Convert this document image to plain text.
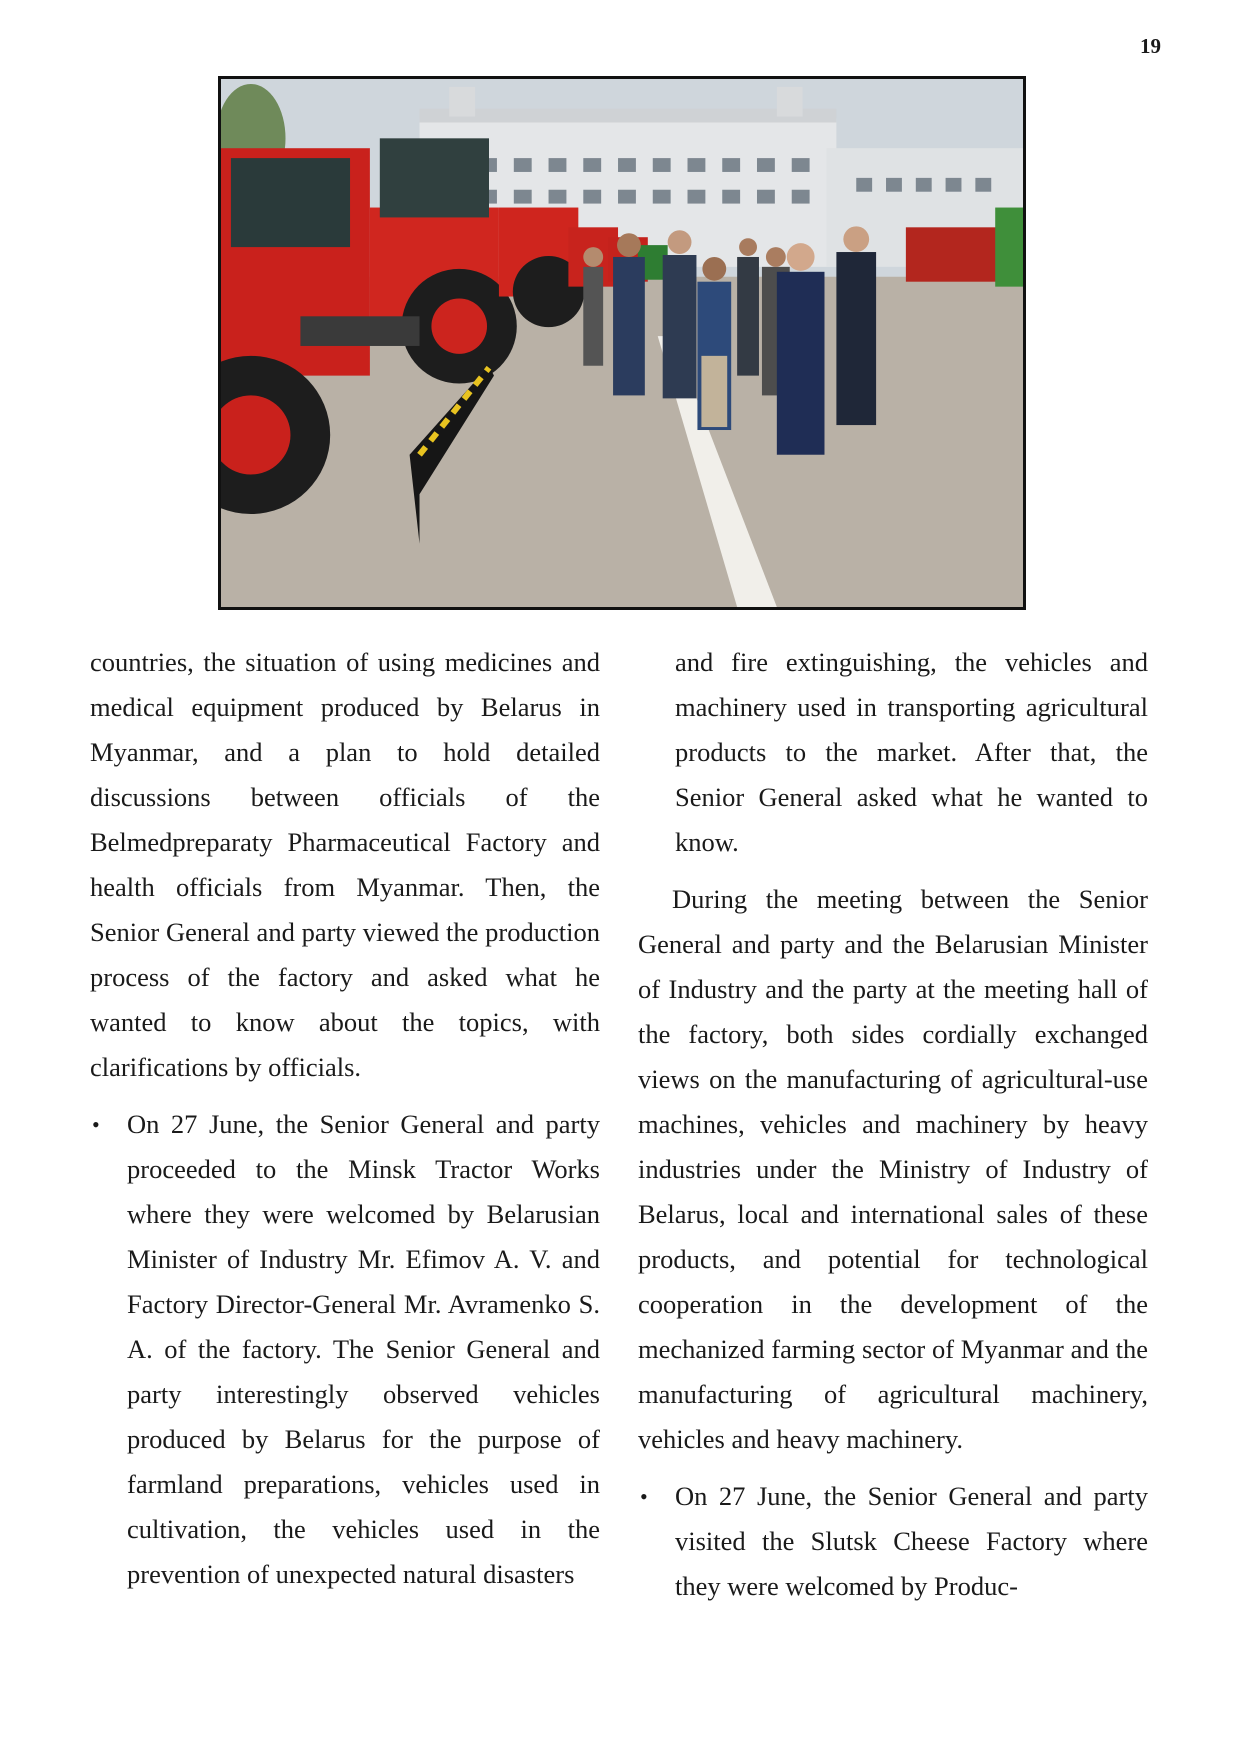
19

countries, the situation of using medicines and medical equipment produced by Belarus in Myanmar, and a plan to hold detailed discussions between officials of the Belmedpreparaty Pharmaceutical Factory and health officials from Myanmar. Then, the Senior General and party viewed the production process of the factory and asked what he wanted to know about the topics, with clarifications by officials.

• On 27 June, the Senior General and party proceeded to the Minsk Tractor Works where they were welcomed by Belarusian Minister of Industry Mr. Efimov A. V. and Factory Director-General Mr. Avramenko S. A. of the factory. The Senior General and party interestingly observed vehicles produced by Belarus for the purpose of farmland preparations, vehicles used in cultivation, the vehicles used in the prevention of unexpected natural disasters

and fire extinguishing, the vehicles and machinery used in transporting agricultural products to the market. After that, the Senior General asked what he wanted to know.

During the meeting between the Senior General and party and the Belarusian Minister of Industry and the party at the meeting hall of the factory, both sides cordially exchanged views on the manufacturing of agricultural-use machines, vehicles and machinery by heavy industries under the Ministry of Industry of Belarus, local and international sales of these products, and potential for technological cooperation in the development of the mechanized farming sector of Myanmar and the manufacturing of agricultural machinery, vehicles and heavy machinery.

• On 27 June, the Senior General and party visited the Slutsk Cheese Factory where they were welcomed by Produc-
